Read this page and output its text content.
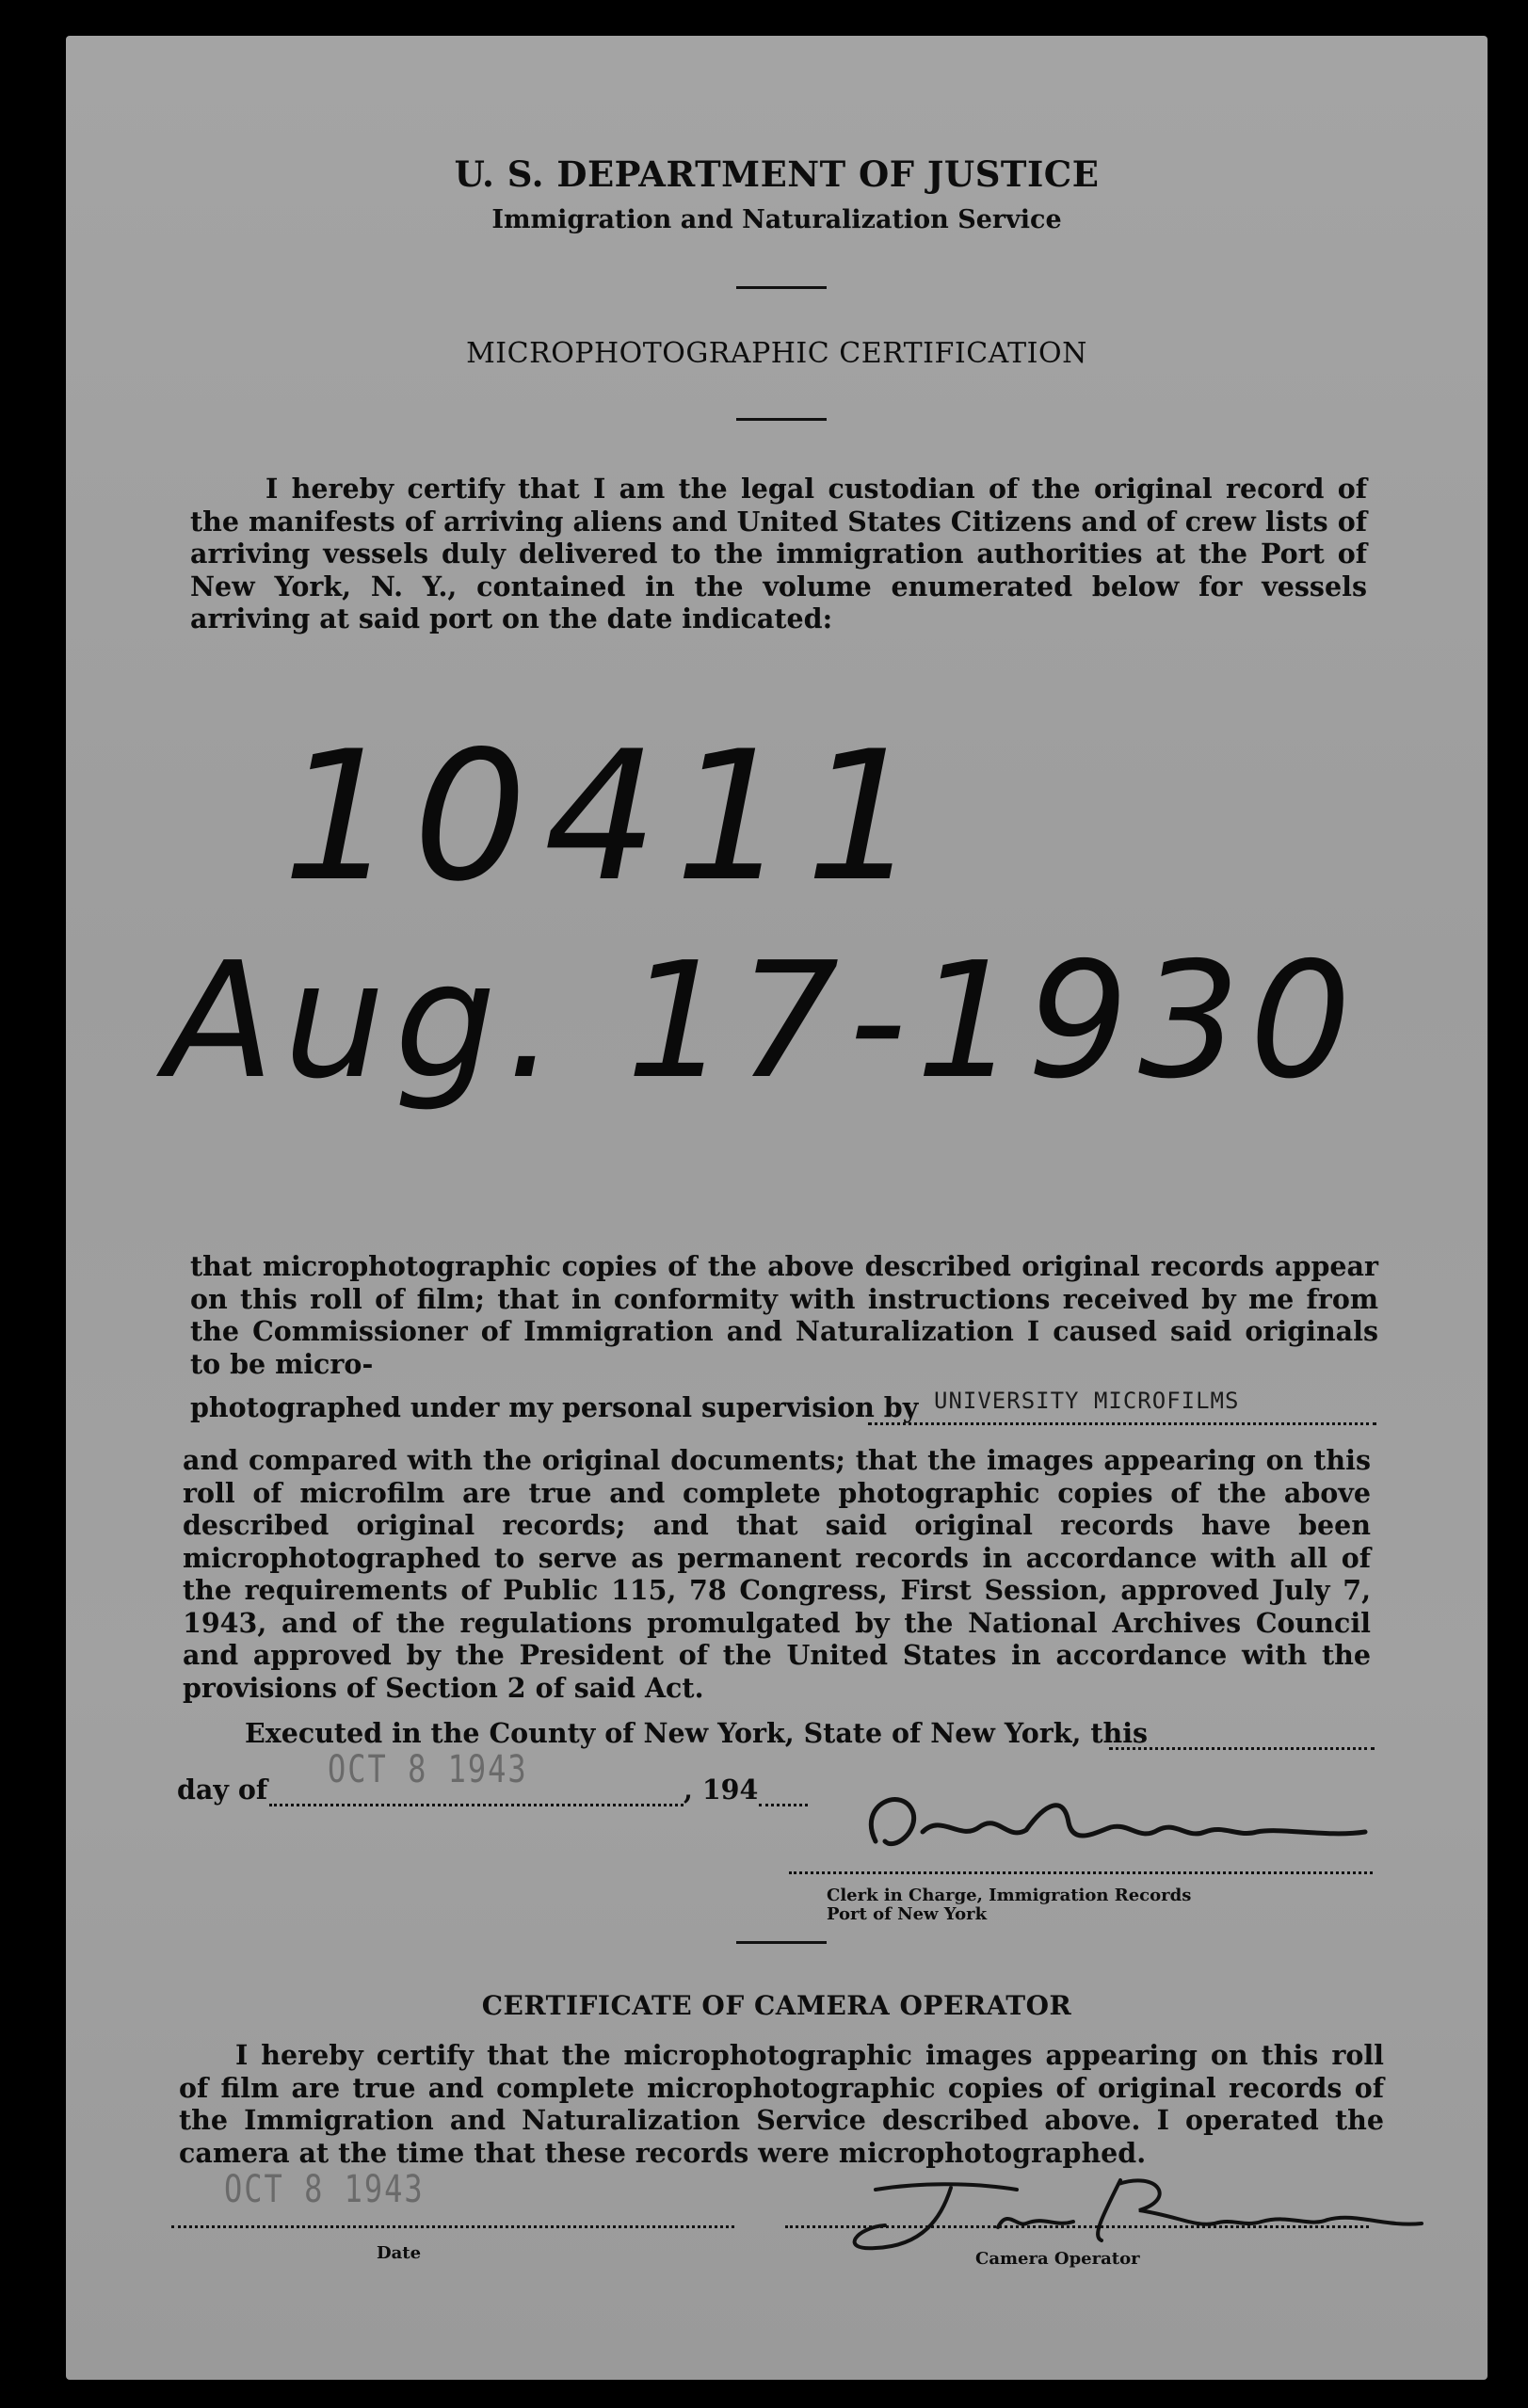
U. S. DEPARTMENT OF JUSTICE
Immigration and Naturalization Service
MICROPHOTOGRAPHIC CERTIFICATION

I hereby certify that I am the legal custodian of the original record of the manifests of arriving aliens and United States Citizens and of crew lists of arriving vessels duly delivered to the immigration authorities at the Port of New York, N. Y., contained in the volume enumerated below for vessels arriving at said port on the date indicated:

10411
Aug. 17-1930

that microphotographic copies of the above described original records appear on this roll of film; that in conformity with instructions received by me from the Commissioner of Immigration and Naturalization I caused said originals to be micro-

photographed under my personal supervision by UNIVERSITY MICROFILMS

and compared with the original documents; that the images appearing on this roll of microfilm are true and complete photographic copies of the above described original records; and that said original records have been microphotographed to serve as permanent records in accordance with all of the requirements of Public 115, 78 Congress, First Session, approved July 7, 1943, and of the regulations promulgated by the National Archives Council and approved by the President of the United States in accordance with the provisions of Section 2 of said Act.

Executed in the County of New York, State of New York, this
day of OCT 8 1943	, 194
Clerk in Charge, Immigration Records
Port of New York
CERTIFICATE OF CAMERA OPERATOR

I hereby certify that the microphotographic images appearing on this roll of film are true and complete microphotographic copies of original records of the Immigration and Naturalization Service described above. I operated the camera at the time that these records were microphotographed.

OCT 8 1943
Date	Camera Operator
